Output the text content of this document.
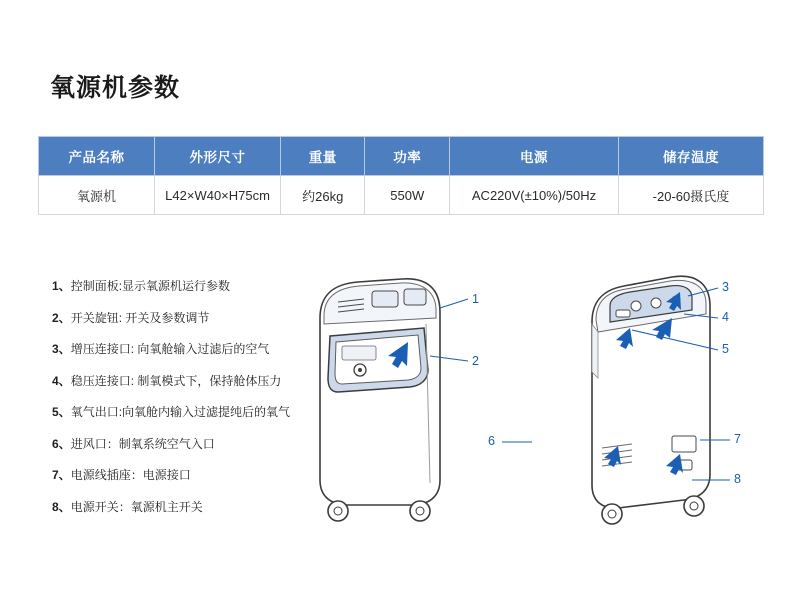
氧源机参数
产品名称	外形尺寸	重量	功率	电源	储存温度
氧源机	L42×W40×H75cm	约26kg	550W	AC220V(±10%)/50Hz	-20-60摄氏度
1、控制面板:显示氧源机运行参数
2、开关旋钮: 开关及参数调节
3、增压连接口: 向氧舱输入过滤后的空气
4、稳压连接口: 制氧模式下，保持舱体压力
5、氧气出口:向氧舱内输入过滤提纯后的氧气
6、进风口：制氧系统空气入口
7、电源线插座：电源接口
8、电源开关：氧源机主开关
1
2
3
4
5
6	7
8
